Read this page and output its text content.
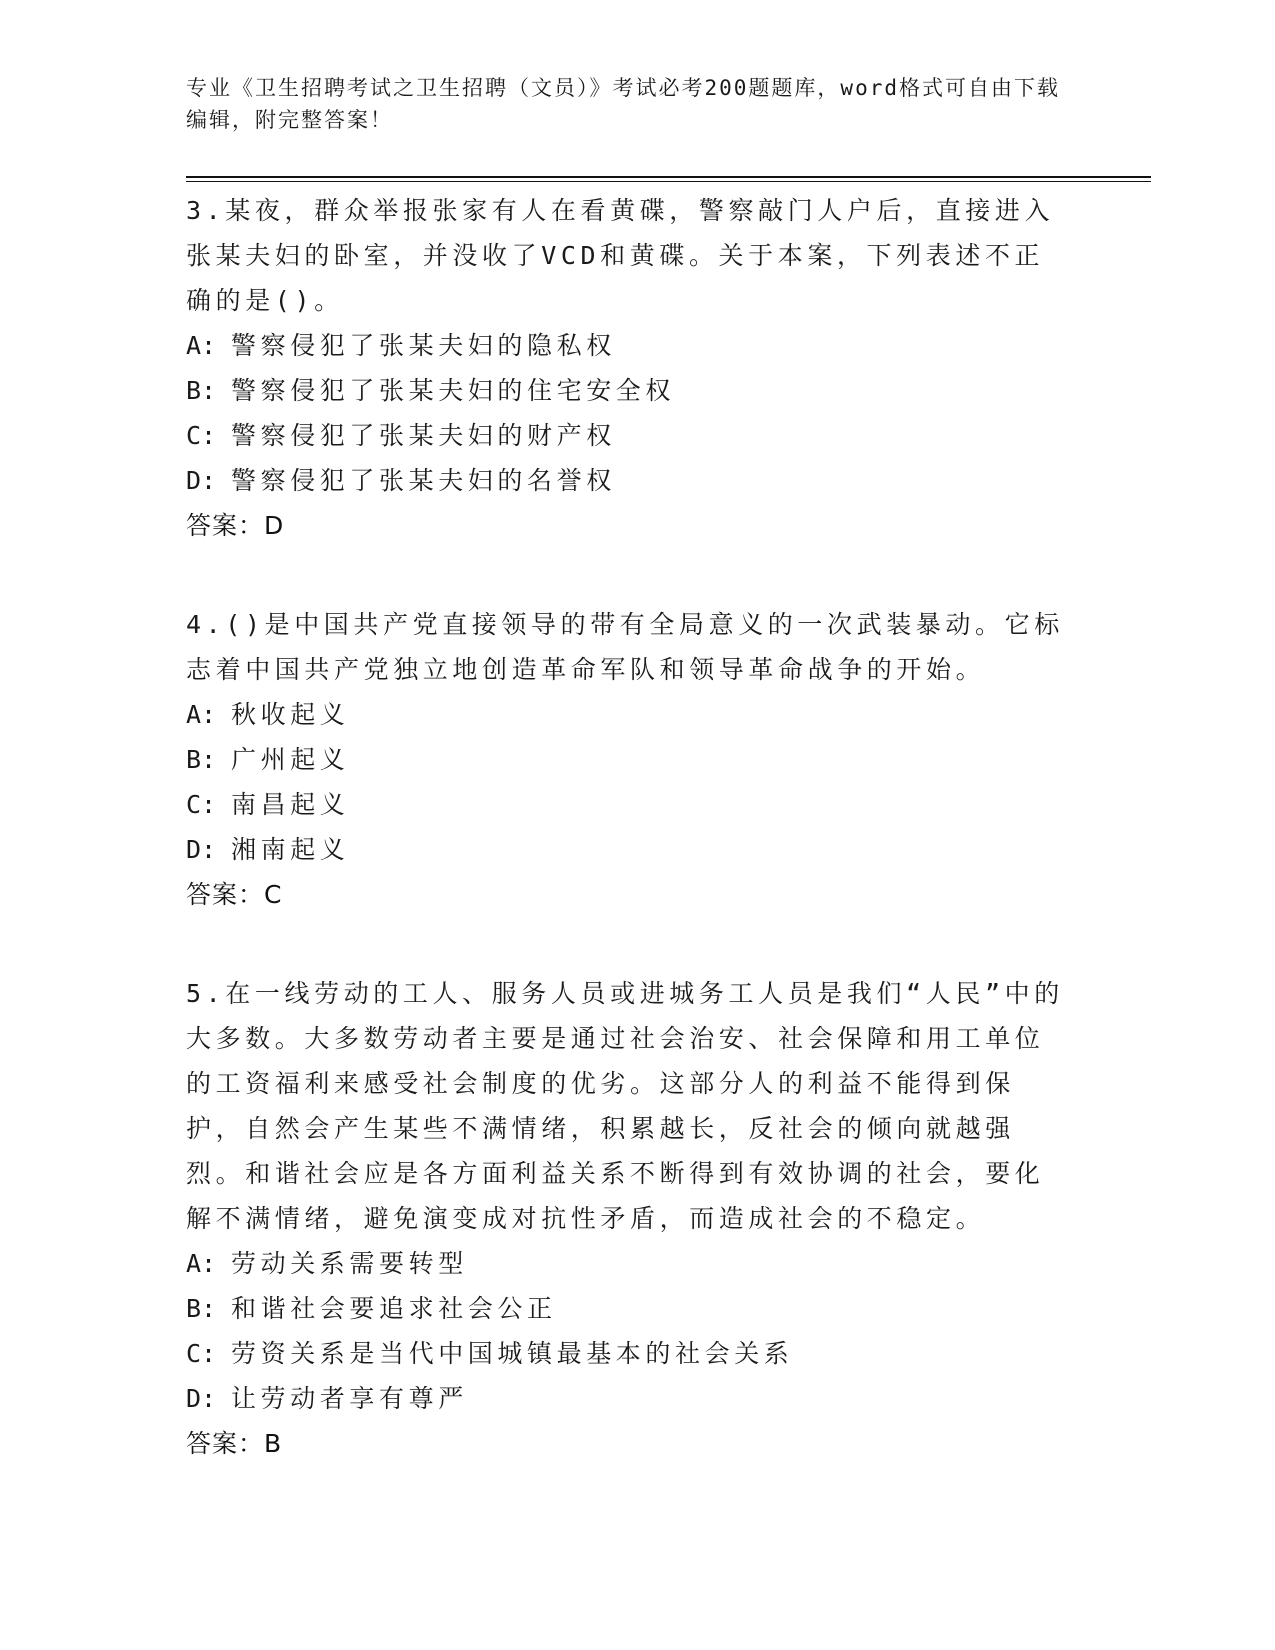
专业《卫生招聘考试之卫生招聘（文员）》考试必考200题题库，word格式可自由下载编辑，附完整答案！
3.某夜，群众举报张家有人在看黄碟，警察敲门人户后，直接进入张某夫妇的卧室，并没收了VCD和黄碟。关于本案，下列表述不正确的是()。
A: 警察侵犯了张某夫妇的隐私权
B: 警察侵犯了张某夫妇的住宅安全权
C: 警察侵犯了张某夫妇的财产权
D: 警察侵犯了张某夫妇的名誉权
答案：D
4.()是中国共产党直接领导的带有全局意义的一次武装暴动。它标志着中国共产党独立地创造革命军队和领导革命战争的开始。
A: 秋收起义
B: 广州起义
C: 南昌起义
D: 湘南起义
答案：C
5.在一线劳动的工人、服务人员或进城务工人员是我们“人民”中的大多数。大多数劳动者主要是通过社会治安、社会保障和用工单位的工资福利来感受社会制度的优劣。这部分人的利益不能得到保护，自然会产生某些不满情绪，积累越长，反社会的倾向就越强烈。和谐社会应是各方面利益关系不断得到有效协调的社会，要化解不满情绪，避免演变成对抗性矛盾，而造成社会的不稳定。
A: 劳动关系需要转型
B: 和谐社会要追求社会公正
C: 劳资关系是当代中国城镇最基本的社会关系
D: 让劳动者享有尊严
答案：B
